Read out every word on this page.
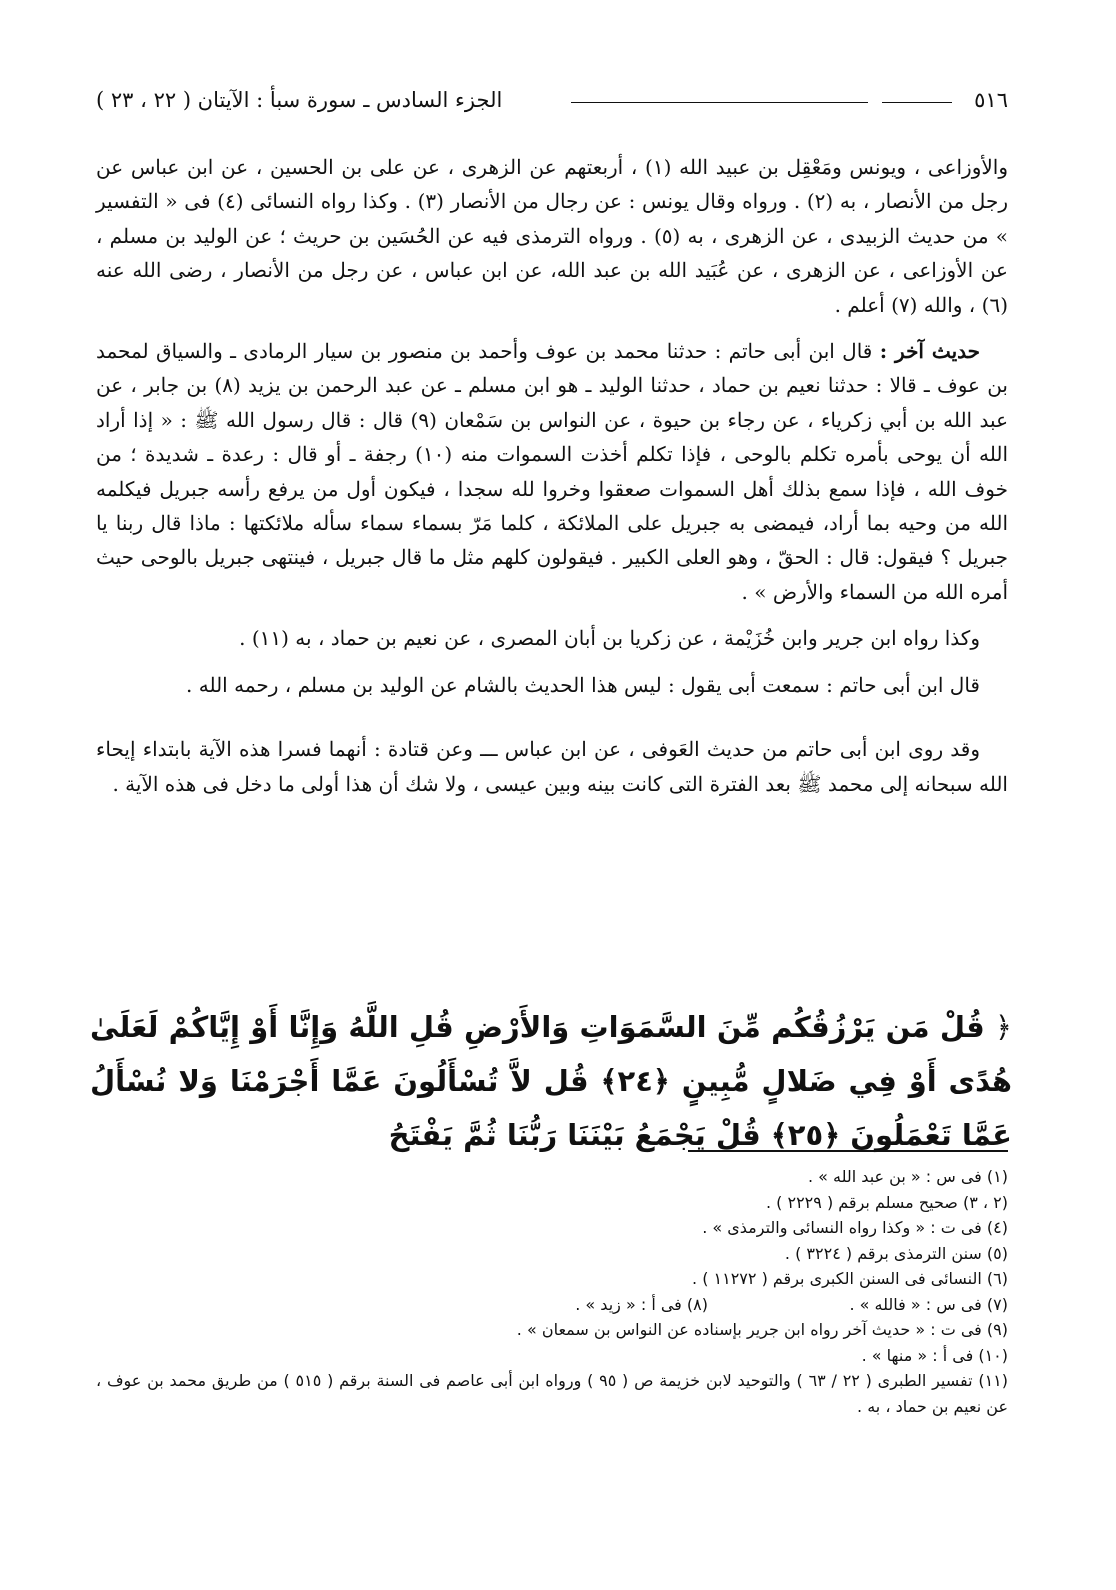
٥١٦
الجزء السادس ـ سورة سبأ : الآيتان ( ٢٢ ، ٢٣ )

والأوزاعى ، ويونس ومَعْقِل بن عبيد الله (١) ، أربعتهم عن الزهرى ، عن على بن الحسين ، عن ابن عباس عن رجل من الأنصار ، به (٢) . ورواه وقال يونس : عن رجال من الأنصار (٣) . وكذا رواه النسائى (٤) فى « التفسير » من حديث الزبيدى ، عن الزهرى ، به (٥) . ورواه الترمذى فيه عن الحُسَين بن حريث ؛ عن الوليد بن مسلم ، عن الأوزاعى ، عن الزهرى ، عن عُبَيد الله بن عبد الله، عن ابن عباس ، عن رجل من الأنصار ، رضى الله عنه (٦) ، والله (٧) أعلم .

حديث آخر : قال ابن أبى حاتم : حدثنا محمد بن عوف وأحمد بن منصور بن سيار الرمادى ـ والسياق لمحمد بن عوف ـ قالا : حدثنا نعيم بن حماد ، حدثنا الوليد ـ هو ابن مسلم ـ عن عبد الرحمن بن يزيد (٨) بن جابر ، عن عبد الله بن أبي زكرياء ، عن رجاء بن حيوة ، عن النواس بن سَمْعان (٩) قال : قال رسول الله ﷺ : « إذا أراد الله أن يوحى بأمره تكلم بالوحى ، فإذا تكلم أخذت السموات منه (١٠) رجفة ـ أو قال : رعدة ـ شديدة ؛ من خوف الله ، فإذا سمع بذلك أهل السموات صعقوا وخروا لله سجدا ، فيكون أول من يرفع رأسه جبريل فيكلمه الله من وحيه بما أراد، فيمضى به جبريل على الملائكة ، كلما مَرّ بسماء سماء سأله ملائكتها : ماذا قال ربنا يا جبريل ؟ فيقول: قال : الحقّ ، وهو العلى الكبير . فيقولون كلهم مثل ما قال جبريل ، فينتهى جبريل بالوحى حيث أمره الله من السماء والأرض » .

وكذا رواه ابن جرير وابن خُزَيْمة ، عن زكريا بن أبان المصرى ، عن نعيم بن حماد ، به (١١) .

قال ابن أبى حاتم : سمعت أبى يقول : ليس هذا الحديث بالشام عن الوليد بن مسلم ، رحمه الله .

وقد روى ابن أبى حاتم من حديث العَوفى ، عن ابن عباس ـــ وعن قتادة : أنهما فسرا هذه الآية بابتداء إيحاء الله سبحانه إلى محمد ﷺ بعد الفترة التى كانت بينه وبين عيسى ، ولا شك أن هذا أولى ما دخل فى هذه الآية .

﴿ قُلْ مَن يَرْزُقُكُم مِّنَ السَّمَوَاتِ وَالأَرْضِ قُلِ اللَّهُ وَإِنَّا أَوْ إِيَّاكُمْ لَعَلَىٰ هُدًى أَوْ فِي ضَلالٍ مُّبِينٍ ﴿٢٤﴾ قُل لاَّ تُسْأَلُونَ عَمَّا أَجْرَمْنَا وَلا نُسْأَلُ عَمَّا تَعْمَلُونَ ﴿٢٥﴾ قُلْ يَجْمَعُ بَيْنَنَا رَبُّنَا ثُمَّ يَفْتَحُ
(١) فى س : « بن عبد الله » .
(٢ ، ٣) صحيح مسلم برقم ( ٢٢٢٩ ) .
(٤) فى ت : « وكذا رواه النسائى والترمذى » .
(٥) سنن الترمذى برقم ( ٣٢٢٤ ) .
(٦) النسائى فى السنن الكبرى برقم ( ١١٢٧٢ ) .
(٧) فى س : « فالله » .
(٨) فى أ : « زيد » .
(٩) فى ت : « حديث آخر رواه ابن جرير بإسناده عن النواس بن سمعان » .
(١٠) فى أ : « منها » .
(١١) تفسير الطبرى ( ٢٢ / ٦٣ ) والتوحيد لابن خزيمة ص ( ٩٥ ) ورواه ابن أبى عاصم فى السنة برقم ( ٥١٥ ) من طريق محمد بن عوف ، عن نعيم بن حماد ، به .
